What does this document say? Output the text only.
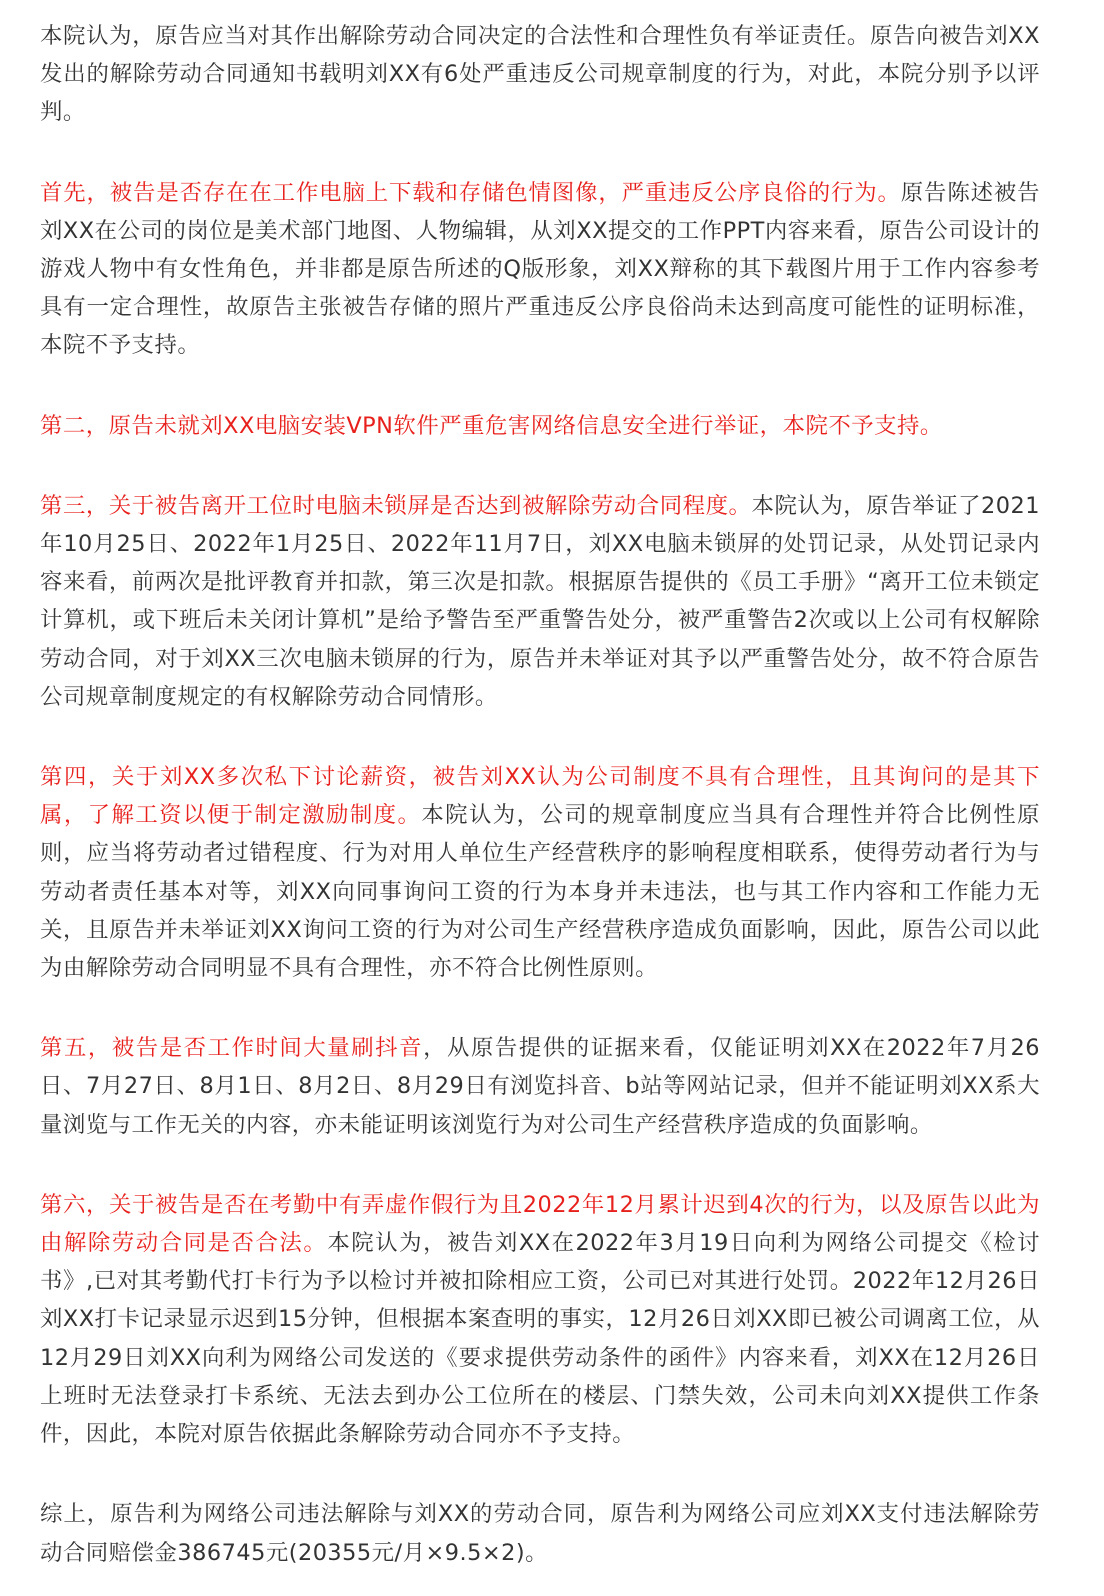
本院认为，原告应当对其作出解除劳动合同决定的合法性和合理性负有举证责任。原告向被告刘XX发出的解除劳动合同通知书载明刘XX有6处严重违反公司规章制度的行为，对此，本院分别予以评判。

首先，被告是否存在在工作电脑上下载和存储色情图像，严重违反公序良俗的行为。原告陈述被告刘XX在公司的岗位是美术部门地图、人物编辑，从刘XX提交的工作PPT内容来看，原告公司设计的游戏人物中有女性角色，并非都是原告所述的Q版形象，刘XX辩称的其下载图片用于工作内容参考具有一定合理性，故原告主张被告存储的照片严重违反公序良俗尚未达到高度可能性的证明标准，本院不予支持。

第二，原告未就刘XX电脑安装VPN软件严重危害网络信息安全进行举证，本院不予支持。

第三，关于被告离开工位时电脑未锁屏是否达到被解除劳动合同程度。本院认为，原告举证了2021年10月25日、2022年1月25日、2022年11月7日，刘XX电脑未锁屏的处罚记录，从处罚记录内容来看，前两次是批评教育并扣款，第三次是扣款。根据原告提供的《员工手册》“离开工位未锁定计算机，或下班后未关闭计算机”是给予警告至严重警告处分，被严重警告2次或以上公司有权解除劳动合同，对于刘XX三次电脑未锁屏的行为，原告并未举证对其予以严重警告处分，故不符合原告公司规章制度规定的有权解除劳动合同情形。

第四，关于刘XX多次私下讨论薪资，被告刘XX认为公司制度不具有合理性，且其询问的是其下属，了解工资以便于制定激励制度。本院认为，公司的规章制度应当具有合理性并符合比例性原则，应当将劳动者过错程度、行为对用人单位生产经营秩序的影响程度相联系，使得劳动者行为与劳动者责任基本对等，刘XX向同事询问工资的行为本身并未违法，也与其工作内容和工作能力无关，且原告并未举证刘XX询问工资的行为对公司生产经营秩序造成负面影响，因此，原告公司以此为由解除劳动合同明显不具有合理性，亦不符合比例性原则。

第五，被告是否工作时间大量刷抖音，从原告提供的证据来看，仅能证明刘XX在2022年7月26日、7月27日、8月1日、8月2日、8月29日有浏览抖音、b站等网站记录，但并不能证明刘XX系大量浏览与工作无关的内容，亦未能证明该浏览行为对公司生产经营秩序造成的负面影响。

第六，关于被告是否在考勤中有弄虚作假行为且2022年12月累计迟到4次的行为，以及原告以此为由解除劳动合同是否合法。本院认为，被告刘XX在2022年3月19日向利为网络公司提交《检讨书》,已对其考勤代打卡行为予以检讨并被扣除相应工资，公司已对其进行处罚。2022年12月26日刘XX打卡记录显示迟到15分钟，但根据本案查明的事实，12月26日刘XX即已被公司调离工位，从12月29日刘XX向利为网络公司发送的《要求提供劳动条件的函件》内容来看，刘XX在12月26日上班时无法登录打卡系统、无法去到办公工位所在的楼层、门禁失效，公司未向刘XX提供工作条件，因此，本院对原告依据此条解除劳动合同亦不予支持。

综上，原告利为网络公司违法解除与刘XX的劳动合同，原告利为网络公司应刘XX支付违法解除劳动合同赔偿金386745元(20355元/月×9.5×2)。
